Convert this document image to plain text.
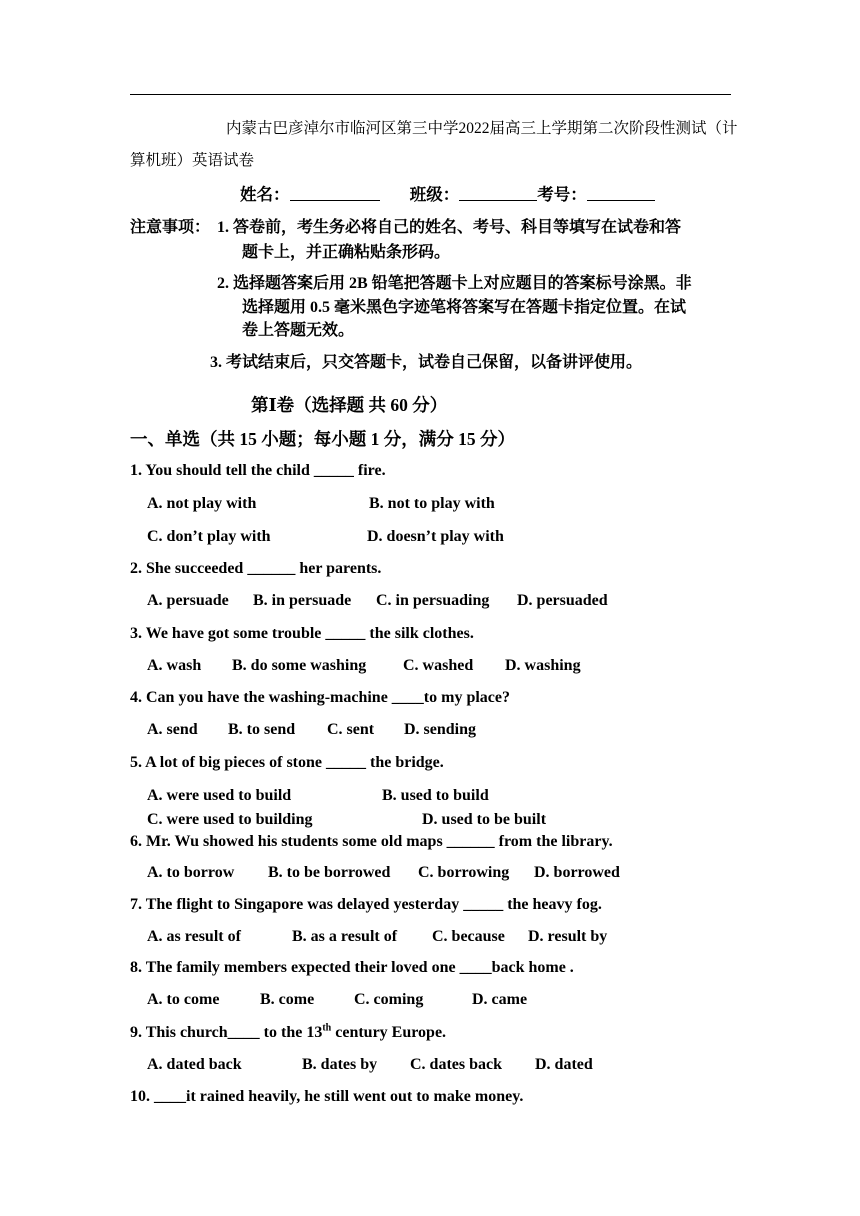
内蒙古巴彦淖尔市临河区第三中学2022届高三上学期第二次阶段性测试（计
算机班）英语试卷
姓名：	班级：	考号：
注意事项： 1. 答卷前，考生务必将自己的姓名、考号、科目等填写在试卷和答
题卡上，并正确粘贴条形码。
2. 选择题答案后用 2B 铅笔把答题卡上对应题目的答案标号涂黑。非
选择题用 0.5 毫米黑色字迹笔将答案写在答题卡指定位置。在试
卷上答题无效。
3. 考试结束后，只交答题卡，试卷自己保留，以备讲评使用。
第Ⅰ卷（选择题 共 60 分）
一、单选（共 15 小题；每小题 1 分，满分 15 分）
1. You should tell the child _____ fire.
A. not play with	B. not to play with
C. don’t play with	D. doesn’t play with
2. She succeeded ______ her parents.
A. persuade B. in persuade C. in persuading D. persuaded
3. We have got some trouble _____ the silk clothes.
A. wash B. do some washing C. washed D. washing
4. Can you have the washing-machine ____to my place?
A. send B. to send C. sent D. sending
5. A lot of big pieces of stone _____ the bridge.
A. were used to build	B. used to build
C. were used to building	D. used to be built
6. Mr. Wu showed his students some old maps ______ from the library.
A. to borrow B. to be borrowed C. borrowing D. borrowed
7. The flight to Singapore was delayed yesterday _____ the heavy fog.
A. as result of	B. as a result of C. because D. result by
8. The family members expected their loved one ____back home .
A. to come	B. come C. coming	D. came
9. This church____ to the 13th century Europe.
A. dated back	B. dates by C. dates back D. dated
10. ____it rained heavily, he still went out to make money.
